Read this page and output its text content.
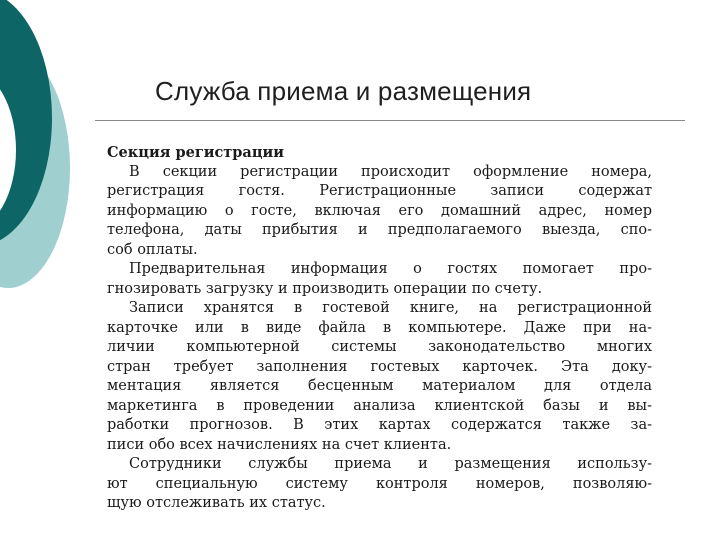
Служба приема и размещения
Секция регистрации
В секции регистрации происходит оформление номера,
регистрация гостя. Регистрационные записи содержат
информацию о госте, включая его домашний адрес, номер
телефона, даты прибытия и предполагаемого выезда, спо-
соб оплаты.
Предварительная информация о гостях помогает про-
гнозировать загрузку и производить операции по счету.
Записи хранятся в гостевой книге, на регистрационной
карточке или в виде файла в компьютере. Даже при на-
личии компьютерной системы законодательство многих
стран требует заполнения гостевых карточек. Эта доку-
ментация является бесценным материалом для отдела
маркетинга в проведении анализа клиентской базы и вы-
работки прогнозов. В этих картах содержатся также за-
писи обо всех начислениях на счет клиента.
Сотрудники службы приема и размещения использу-
ют специальную систему контроля номеров, позволяю-
щую отслеживать их статус.
